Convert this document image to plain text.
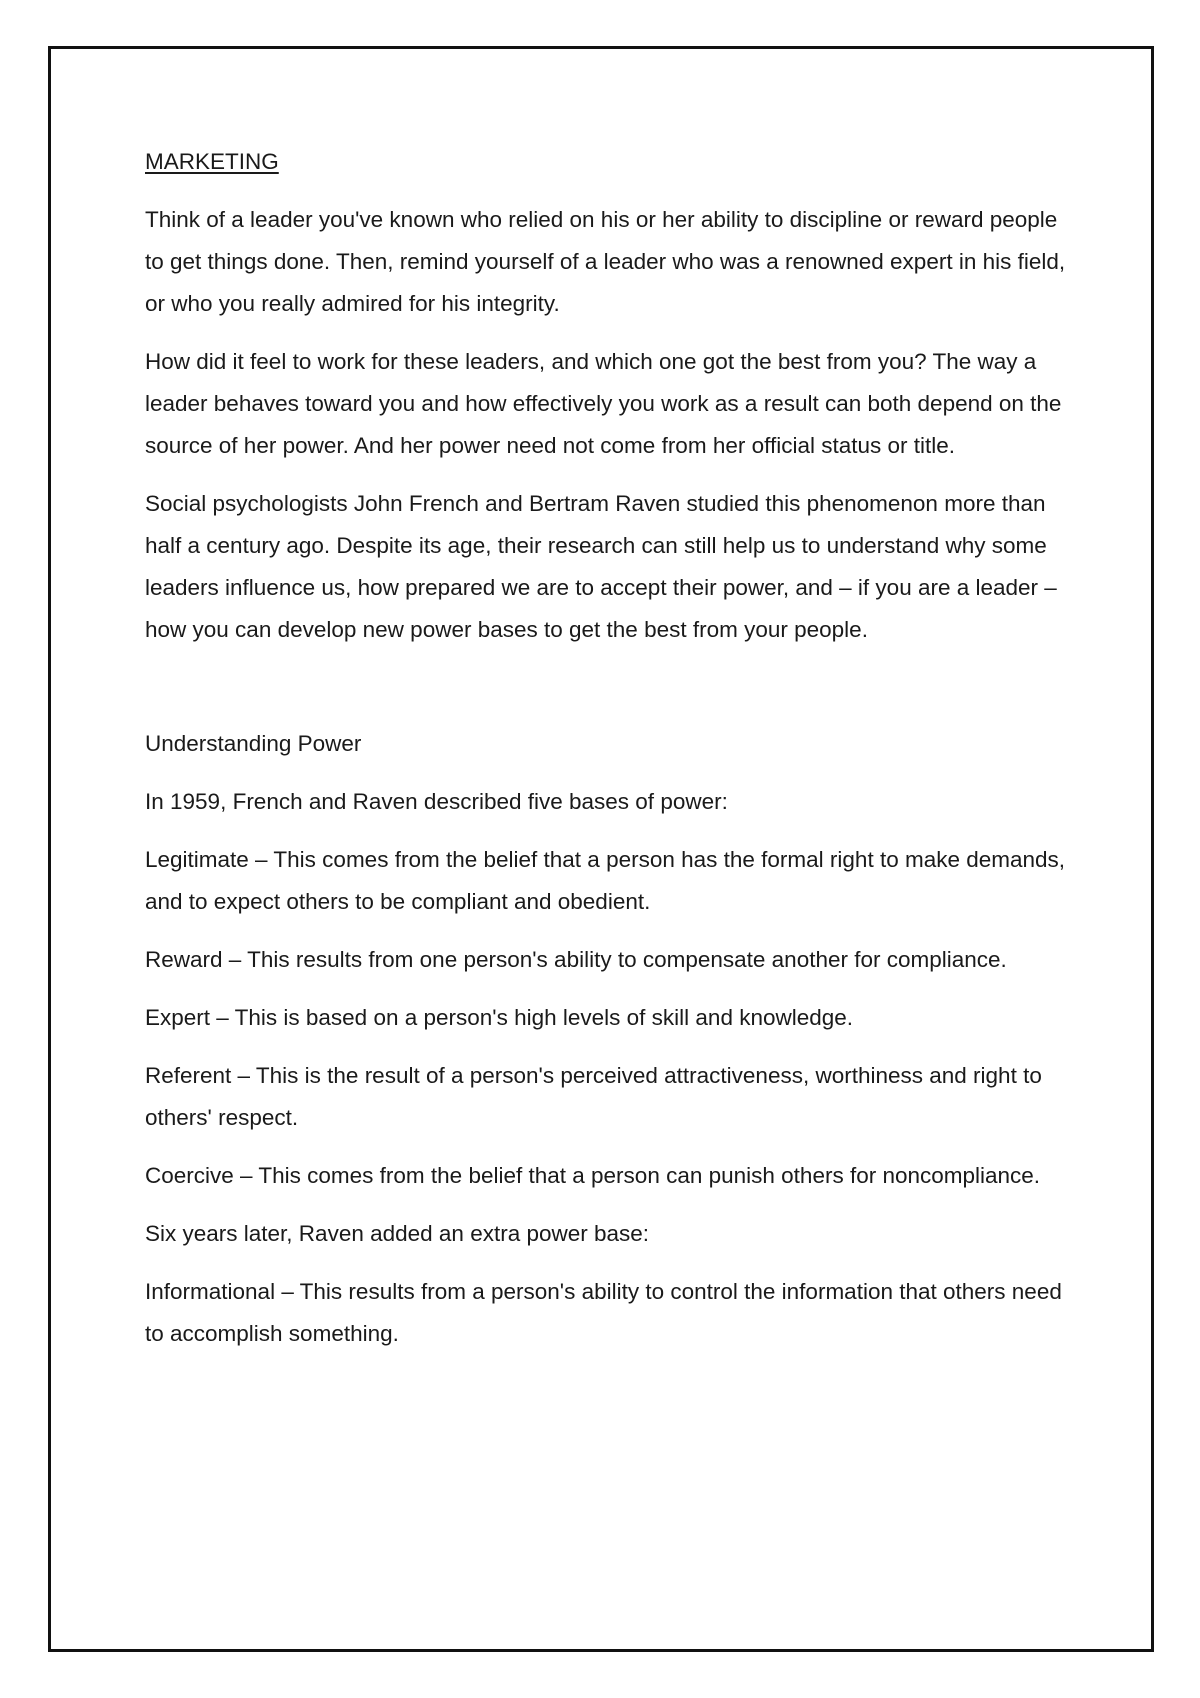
MARKETING

Think of a leader you've known who relied on his or her ability to discipline or reward people to get things done. Then, remind yourself of a leader who was a renowned expert in his field, or who you really admired for his integrity.

How did it feel to work for these leaders, and which one got the best from you? The way a leader behaves toward you and how effectively you work as a result can both depend on the source of her power. And her power need not come from her official status or title.

Social psychologists John French and Bertram Raven studied this phenomenon more than half a century ago. Despite its age, their research can still help us to understand why some leaders influence us, how prepared we are to accept their power, and – if you are a leader – how you can develop new power bases to get the best from your people.

Understanding Power

In 1959, French and Raven described five bases of power:

Legitimate – This comes from the belief that a person has the formal right to make demands, and to expect others to be compliant and obedient.

Reward – This results from one person's ability to compensate another for compliance.

Expert – This is based on a person's high levels of skill and knowledge.

Referent – This is the result of a person's perceived attractiveness, worthiness and right to others' respect.

Coercive – This comes from the belief that a person can punish others for noncompliance.

Six years later, Raven added an extra power base:

Informational – This results from a person's ability to control the information that others need to accomplish something.
